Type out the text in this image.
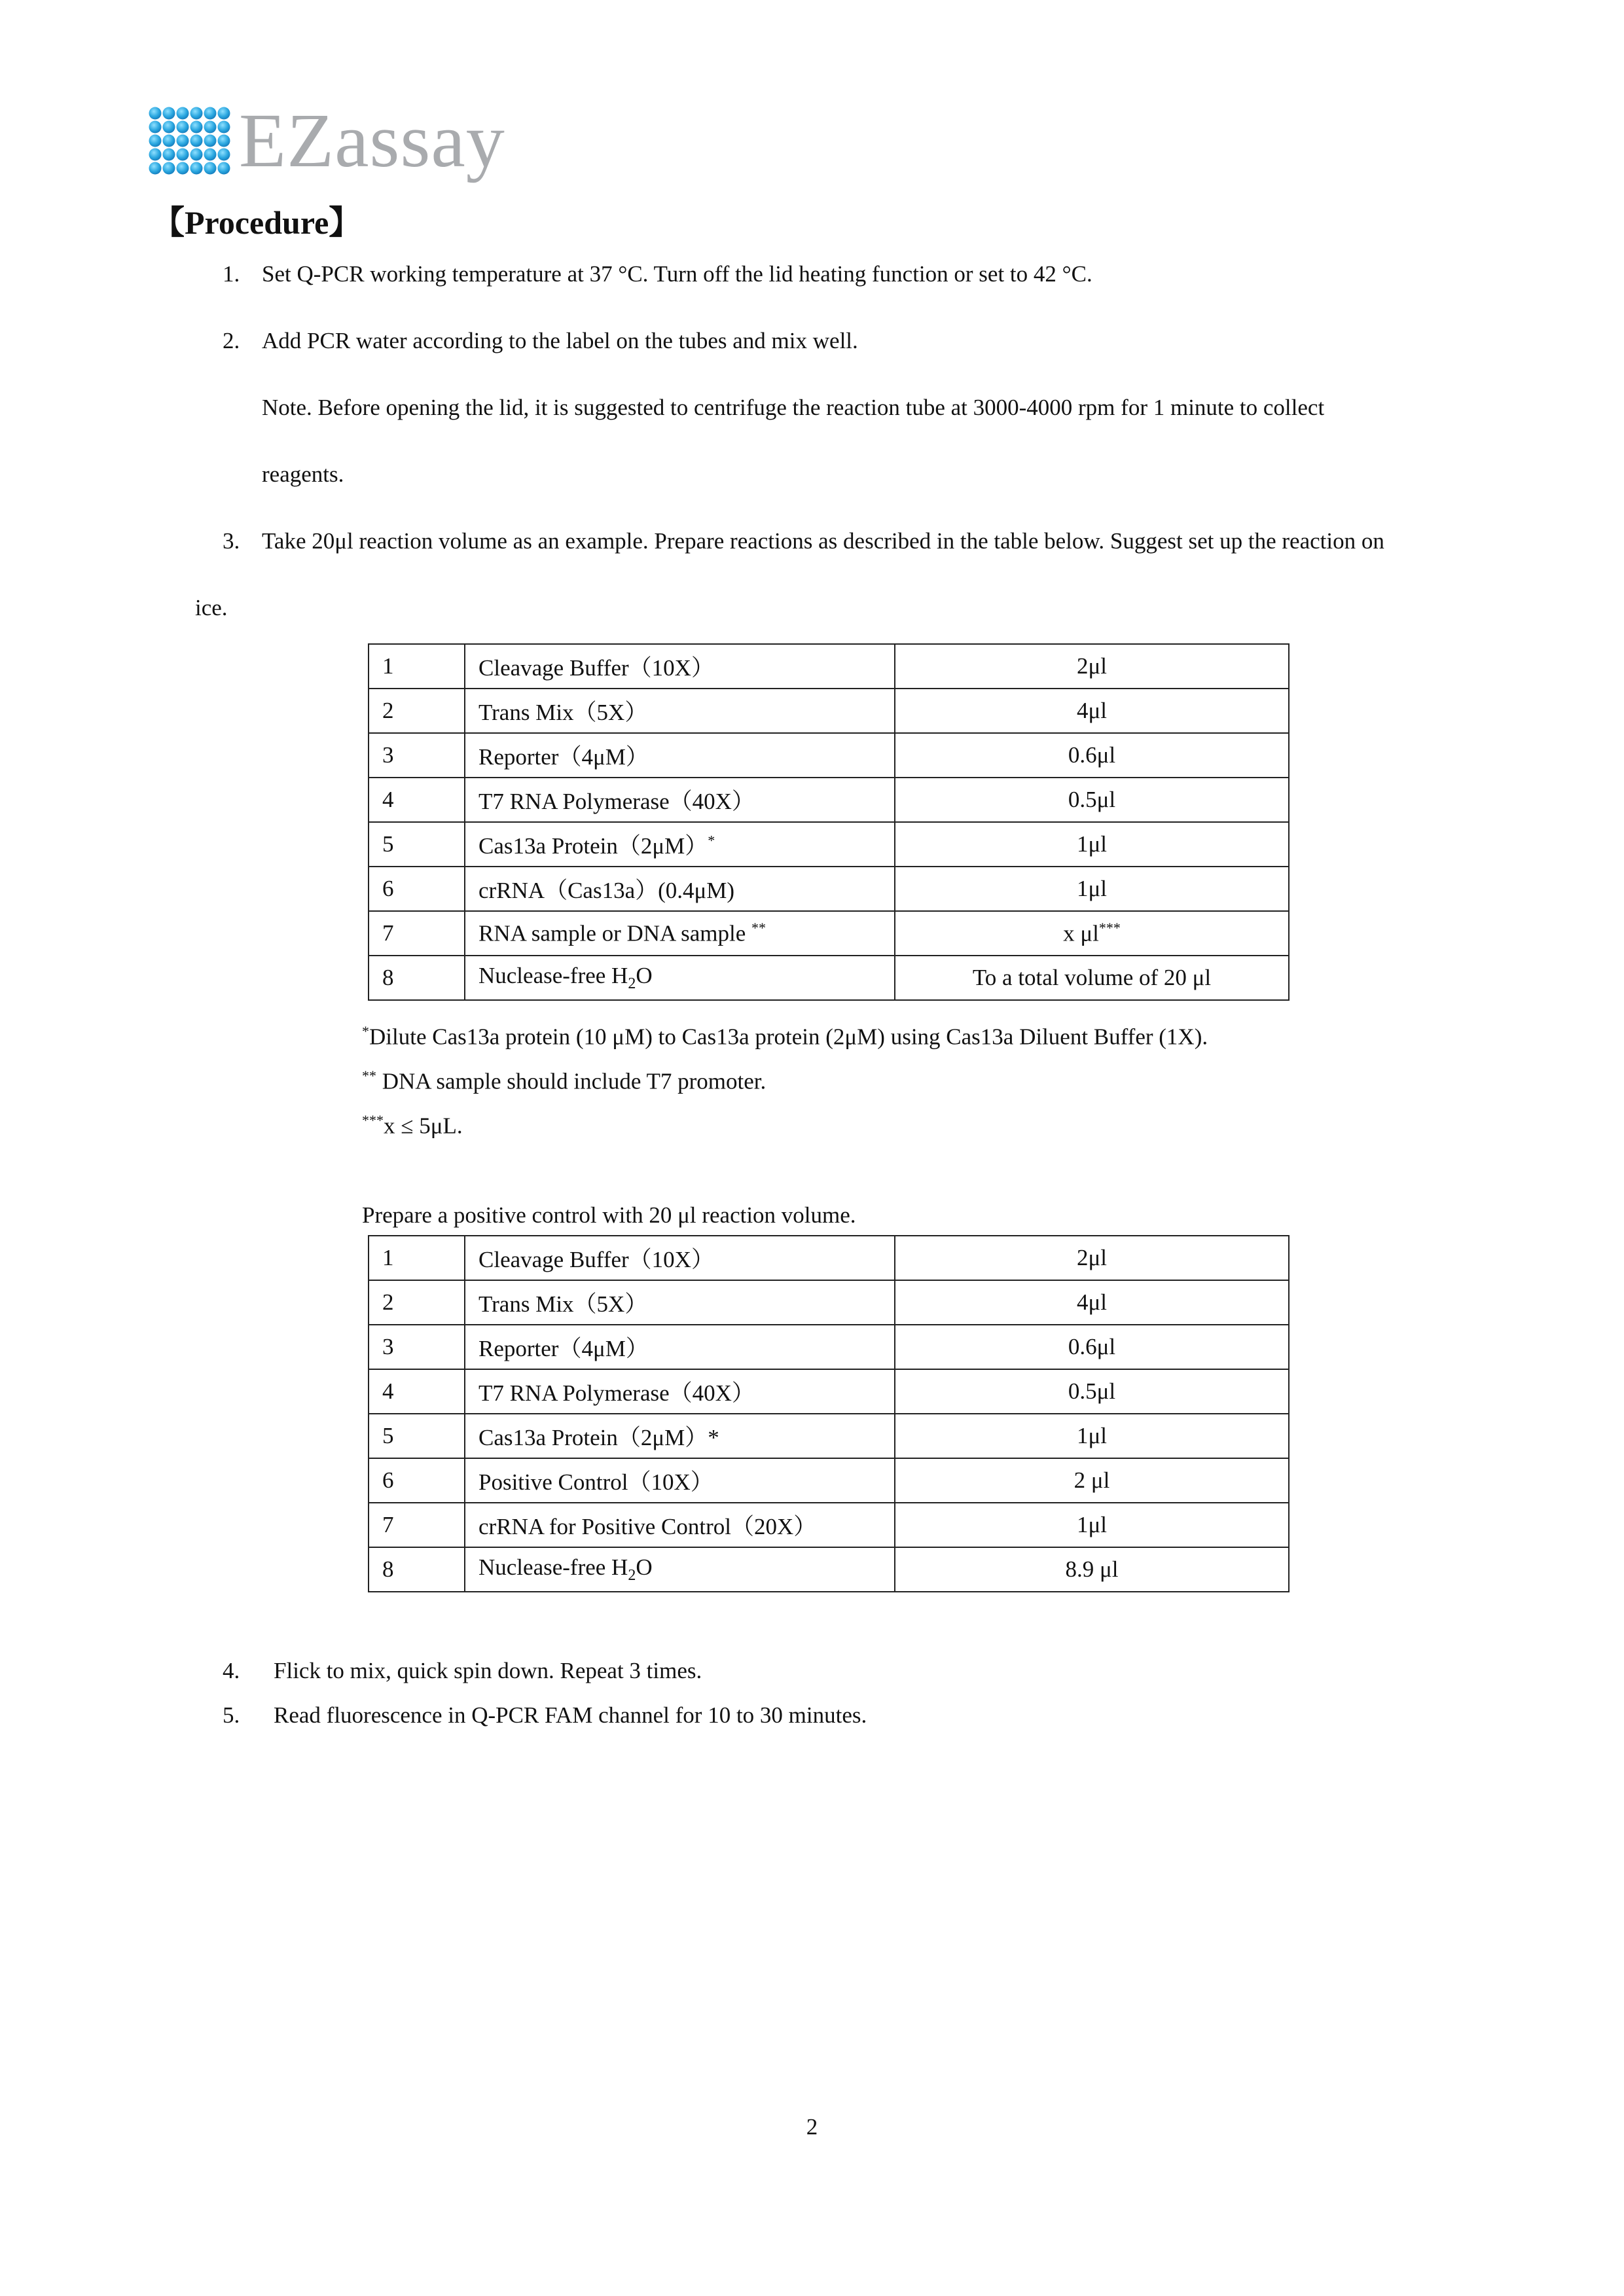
EZassay
【Procedure】
1. Set Q-PCR working temperature at 37 °C. Turn off the lid heating function or set to 42 °C.
2. Add PCR water according to the label on the tubes and mix well.
Note. Before opening the lid, it is suggested to centrifuge the reaction tube at 3000-4000 rpm for 1 minute to collect
reagents.
3. Take 20μl reaction volume as an example. Prepare reactions as described in the table below. Suggest set up the reaction on
ice.
1	Cleavage Buffer（10X）	2μl
2	Trans Mix（5X）	4μl
3	Reporter（4μM）	0.6μl
4	T7 RNA Polymerase（40X）	0.5μl
5	Cas13a Protein（2μM）*	1μl
6	crRNA（Cas13a）(0.4μM)	1μl
7	RNA sample or DNA sample **	x μl***
8	Nuclease-free $H_2O$	To a total volume of 20 μl
*Dilute Cas13a protein (10 μM) to Cas13a protein (2μM) using Cas13a Diluent Buffer (1X).
** DNA sample should include T7 promoter.
***x ≤ 5μL.
Prepare a positive control with 20 μl reaction volume.
1	Cleavage Buffer（10X）	2μl
2	Trans Mix（5X）	4μl
3	Reporter（4μM）	0.6μl
4	T7 RNA Polymerase（40X）	0.5μl
5	Cas13a Protein（2μM）*	1μl
6	Positive Control（10X）	2 μl
7	crRNA for Positive Control（20X）	1μl
8	Nuclease-free $H_2O$	8.9 μl
4. Flick to mix, quick spin down. Repeat 3 times.
5. Read fluorescence in Q-PCR FAM channel for 10 to 30 minutes.
2
